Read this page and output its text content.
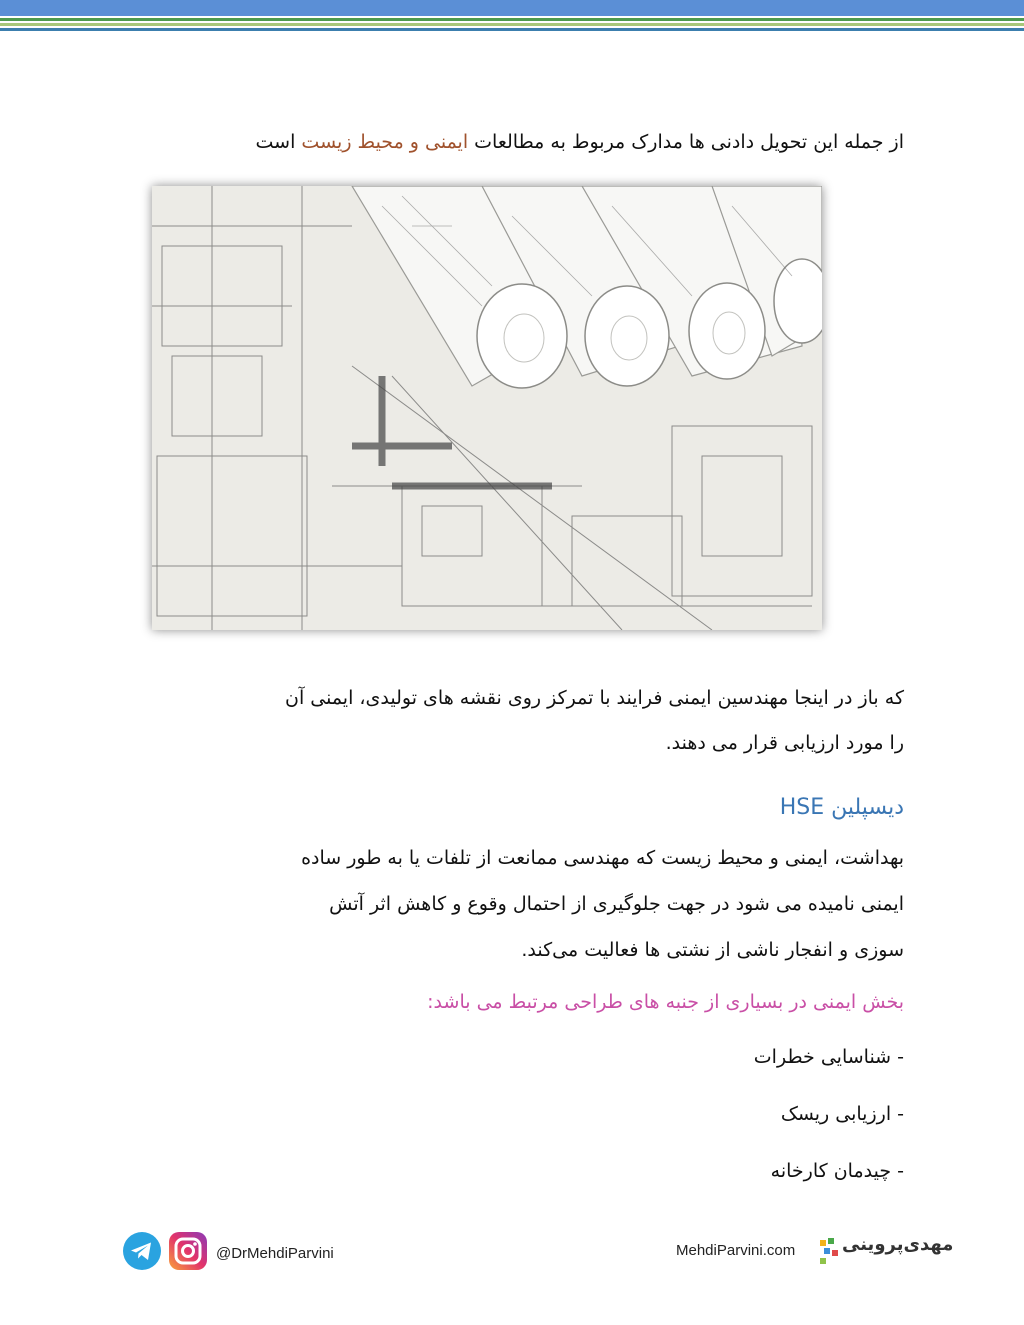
از جمله این تحویل دادنی ها مدارک مربوط به مطالعات ایمنی و محیط زیست است
که باز در اینجا مهندسین ایمنی فرایند با تمرکز روی نقشه های تولیدی، ایمنی آن
را مورد ارزیابی قرار می دهند.
دیسپلین HSE
بهداشت، ایمنی و محیط زیست که مهندسی ممانعت از تلفات یا به طور ساده
ایمنی نامیده می شود در جهت جلوگیری از احتمال وقوع و کاهش اثر آتش
سوزی و انفجار ناشی از نشتی ها فعالیت می‌کند.
بخش ایمنی در بسیاری از جنبه های طراحی مرتبط می باشد:
- شناسایی خطرات
- ارزیابی ریسک
- چیدمان کارخانه
@DrMehdiParvini	MehdiParvini.com	مهدی‌پروینی
